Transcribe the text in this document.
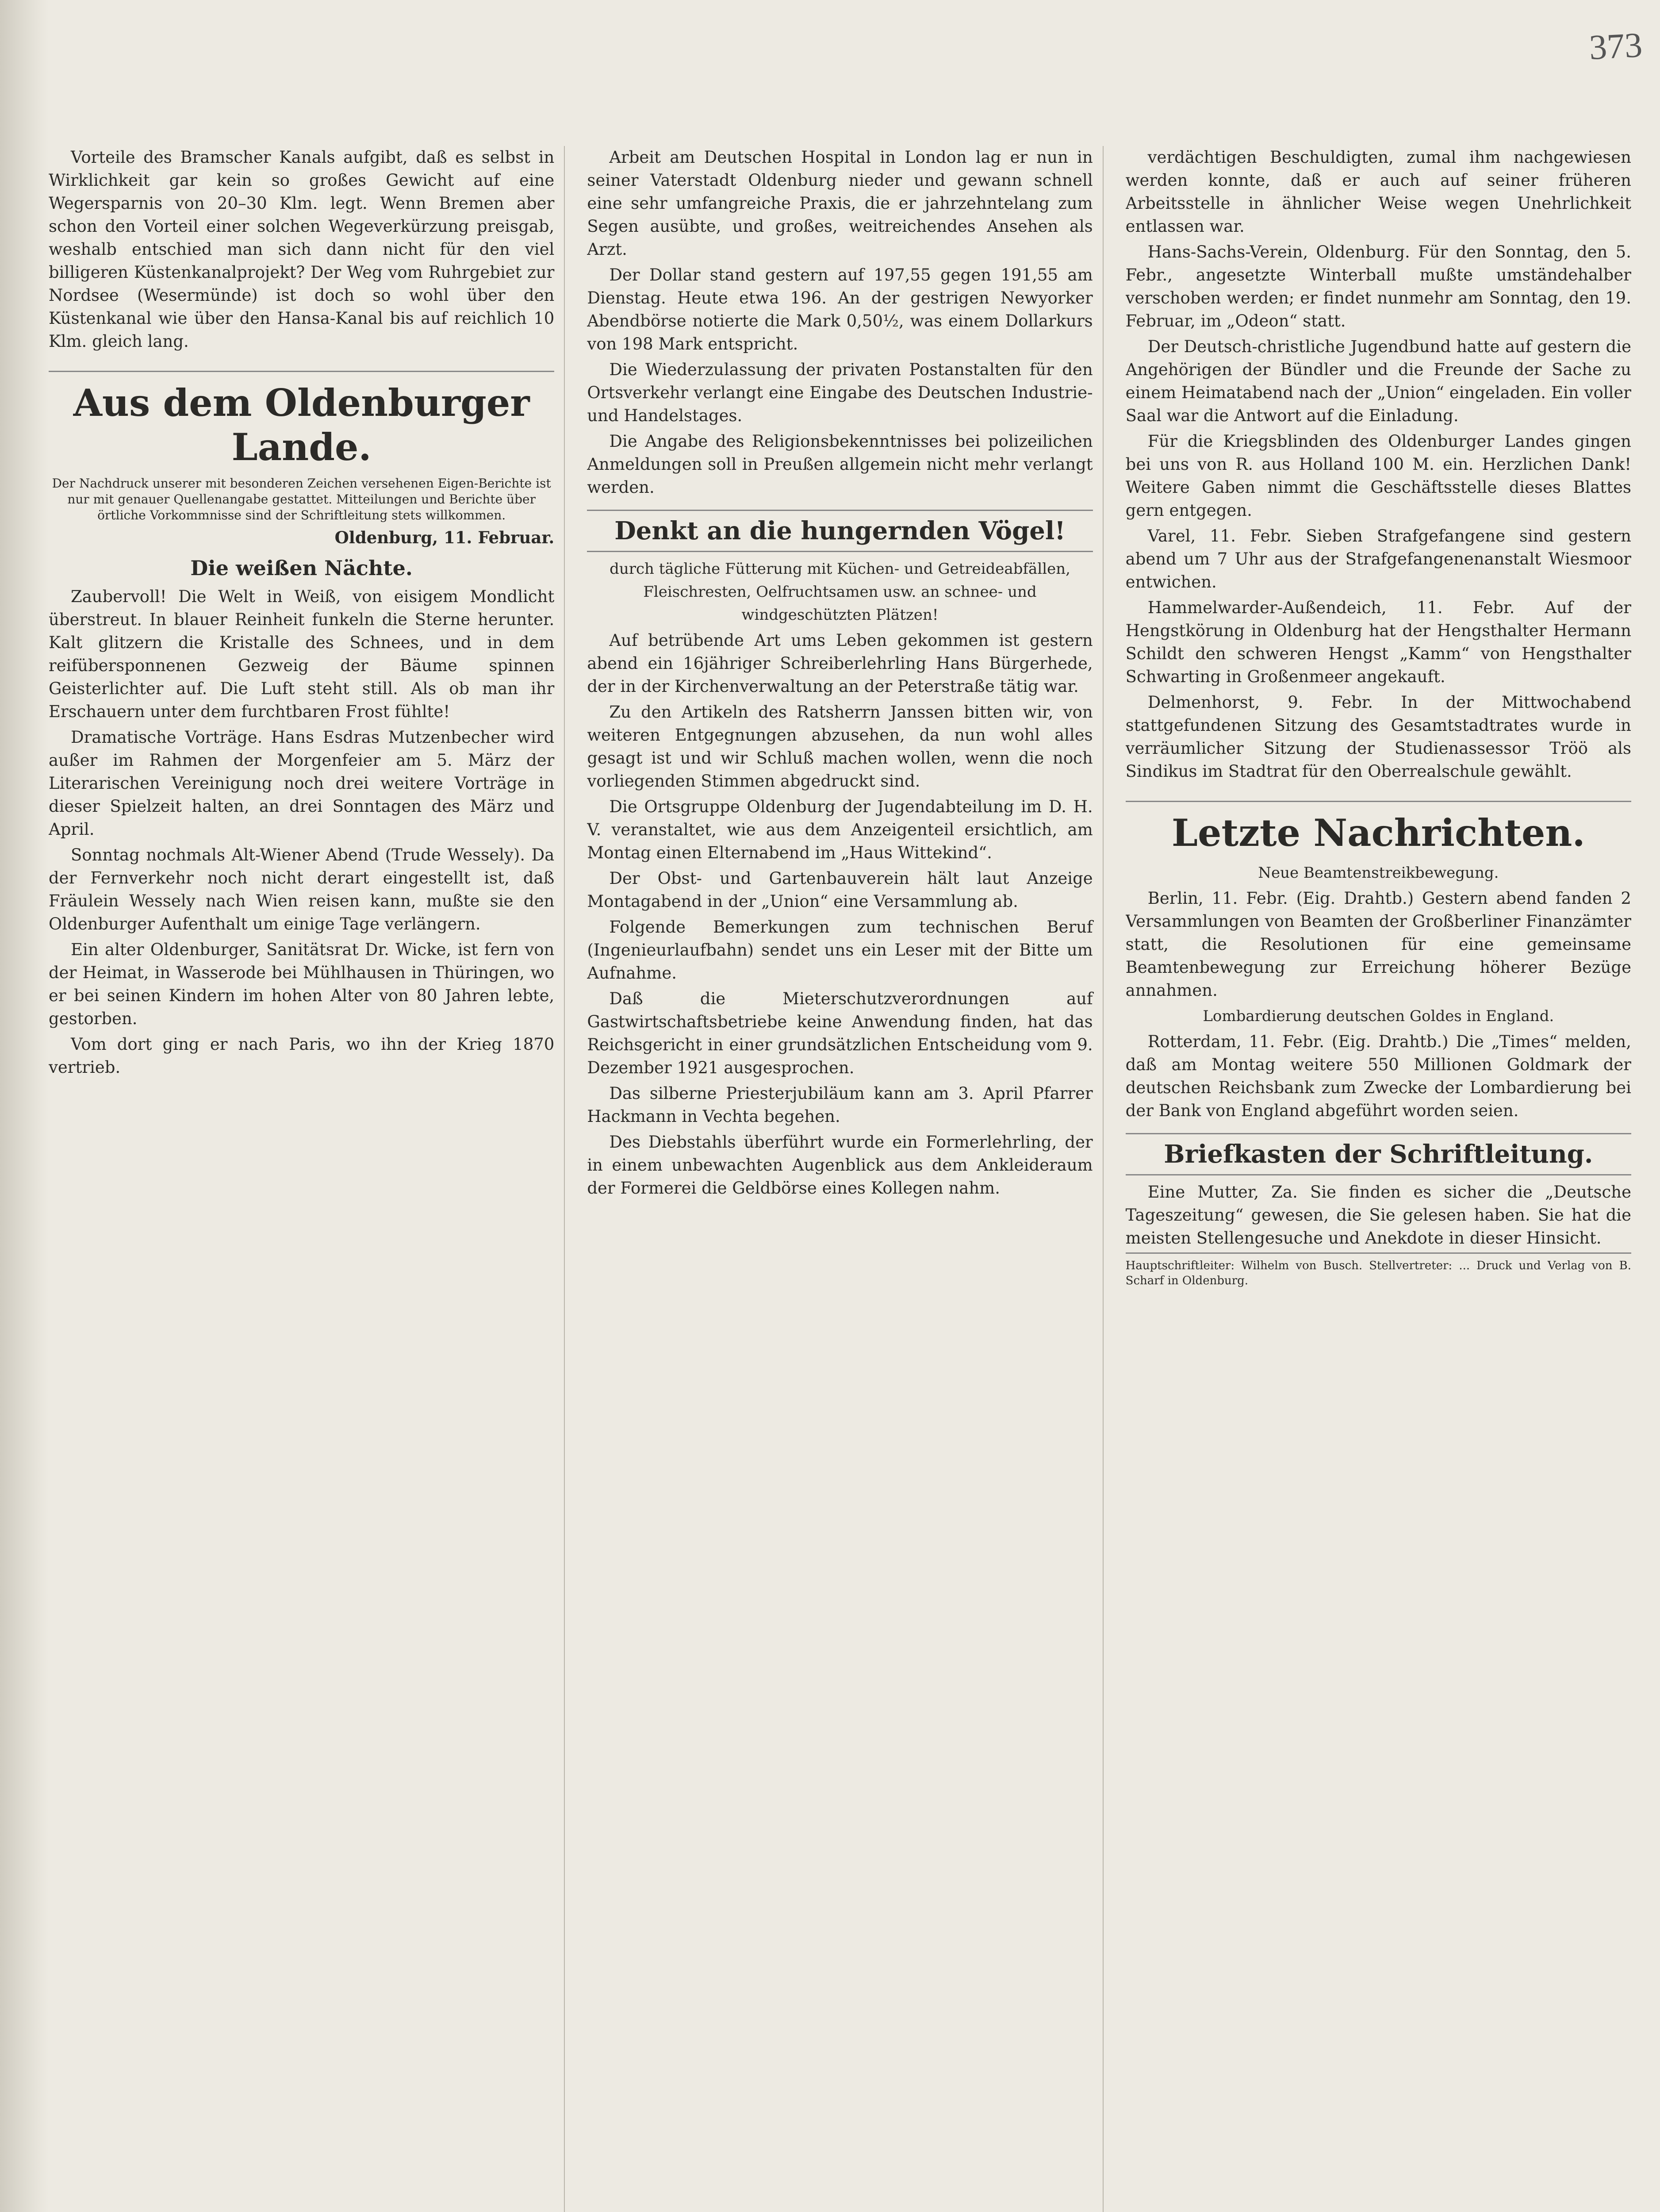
373

Vorteile des Bramscher Kanals aufgibt, daß es selbst in Wirklichkeit gar kein so großes Gewicht auf eine Wegersparnis von 20–30 Klm. legt. Wenn Bremen aber schon den Vorteil einer solchen Wegeverkürzung preisgab, weshalb entschied man sich dann nicht für den viel billigeren Küstenkanalprojekt? Der Weg vom Ruhrgebiet zur Nordsee (Wesermünde) ist doch so wohl über den Küstenkanal wie über den Hansa-Kanal bis auf reichlich 10 Klm. gleich lang.

Aus dem Oldenburger Lande.

Der Nachdruck unserer mit besonderen Zeichen versehenen Eigen-Berichte ist nur mit genauer Quellenangabe gestattet. Mitteilungen und Berichte über örtliche Vorkommnisse sind der Schriftleitung stets willkommen.

Oldenburg, 11. Februar.

Die weißen Nächte.

Zaubervoll! Die Welt in Weiß, von eisigem Mondlicht überstreut. In blauer Reinheit funkeln die Sterne herunter. Kalt glitzern die Kristalle des Schnees, und in dem reifübersponnenen Gezweig der Bäume spinnen Geisterlichter auf. Die Luft steht still. Als ob man ihr Erschauern unter dem furchtbaren Frost fühlte!

Dramatische Vorträge. Hans Esdras Mutzenbecher wird außer im Rahmen der Morgenfeier am 5. März der Literarischen Vereinigung noch drei weitere Vorträge in dieser Spielzeit halten, an drei Sonntagen des März und April.

Sonntag nochmals Alt-Wiener Abend (Trude Wessely). Da der Fernverkehr noch nicht derart eingestellt ist, daß Fräulein Wessely nach Wien reisen kann, mußte sie den Oldenburger Aufenthalt um einige Tage verlängern.

Ein alter Oldenburger, Sanitätsrat Dr. Wicke, ist fern von der Heimat, in Wasserode bei Mühlhausen in Thüringen, wo er bei seinen Kindern im hohen Alter von 80 Jahren lebte, gestorben.

Vom dort ging er nach Paris, wo ihn der Krieg 1870 vertrieb.

Arbeit am Deutschen Hospital in London lag er nun in seiner Vaterstadt Oldenburg nieder und gewann schnell eine sehr umfangreiche Praxis, die er jahrzehntelang zum Segen ausübte, und großes, weitreichendes Ansehen als Arzt.

Der Dollar stand gestern auf 197,55 gegen 191,55 am Dienstag. Heute etwa 196. An der gestrigen Newyorker Abendbörse notierte die Mark 0,50½, was einem Dollarkurs von 198 Mark entspricht.

Die Wiederzulassung der privaten Postanstalten für den Ortsverkehr verlangt eine Eingabe des Deutschen Industrie- und Handelstages.

Die Angabe des Religionsbekenntnisses bei polizeilichen Anmeldungen soll in Preußen allgemein nicht mehr verlangt werden.

Denkt an die hungernden Vögel!

durch tägliche Fütterung mit Küchen- und Getreideabfällen, Fleischresten, Oelfruchtsamen usw. an schnee- und windgeschützten Plätzen!

Auf betrübende Art ums Leben gekommen ist gestern abend ein 16jähriger Schreiberlehrling Hans Bürgerhede, der in der Kirchenverwaltung an der Peterstraße tätig war.

Zu den Artikeln des Ratsherrn Janssen bitten wir, von weiteren Entgegnungen abzusehen, da nun wohl alles gesagt ist und wir Schluß machen wollen, wenn die noch vorliegenden Stimmen abgedruckt sind.

Die Ortsgruppe Oldenburg der Jugendabteilung im D. H. V. veranstaltet, wie aus dem Anzeigenteil ersichtlich, am Montag einen Elternabend im „Haus Wittekind“.

Der Obst- und Gartenbauverein hält laut Anzeige Montagabend in der „Union“ eine Versammlung ab.

Folgende Bemerkungen zum technischen Beruf (Ingenieurlaufbahn) sendet uns ein Leser mit der Bitte um Aufnahme.

Daß die Mieterschutzverordnungen auf Gastwirtschaftsbetriebe keine Anwendung finden, hat das Reichsgericht in einer grundsätzlichen Entscheidung vom 9. Dezember 1921 ausgesprochen.

Das silberne Priesterjubiläum kann am 3. April Pfarrer Hackmann in Vechta begehen.

Des Diebstahls überführt wurde ein Formerlehrling, der in einem unbewachten Augenblick aus dem Ankleideraum der Formerei die Geldbörse eines Kollegen nahm.

verdächtigen Beschuldigten, zumal ihm nachgewiesen werden konnte, daß er auch auf seiner früheren Arbeitsstelle in ähnlicher Weise wegen Unehrlichkeit entlassen war.

Hans-Sachs-Verein, Oldenburg. Für den Sonntag, den 5. Febr., angesetzte Winterball mußte umständehalber verschoben werden; er findet nunmehr am Sonntag, den 19. Februar, im „Odeon“ statt.

Der Deutsch-christliche Jugendbund hatte auf gestern die Angehörigen der Bündler und die Freunde der Sache zu einem Heimatabend nach der „Union“ eingeladen. Ein voller Saal war die Antwort auf die Einladung.

Für die Kriegsblinden des Oldenburger Landes gingen bei uns von R. aus Holland 100 M. ein. Herzlichen Dank! Weitere Gaben nimmt die Geschäftsstelle dieses Blattes gern entgegen.

Varel, 11. Febr. Sieben Strafgefangene sind gestern abend um 7 Uhr aus der Strafgefangenenanstalt Wiesmoor entwichen.

Hammelwarder-Außendeich, 11. Febr. Auf der Hengstkörung in Oldenburg hat der Hengsthalter Hermann Schildt den schweren Hengst „Kamm“ von Hengsthalter Schwarting in Großenmeer angekauft.

Delmenhorst, 9. Febr. In der Mittwochabend stattgefundenen Sitzung des Gesamtstadtrates wurde in verräumlicher Sitzung der Studienassessor Tröö als Sindikus im Stadtrat für den Oberrealschule gewählt.

Letzte Nachrichten.

Neue Beamtenstreikbewegung.

Berlin, 11. Febr. (Eig. Drahtb.) Gestern abend fanden 2 Versammlungen von Beamten der Großberliner Finanzämter statt, die Resolutionen für eine gemeinsame Beamtenbewegung zur Erreichung höherer Bezüge annahmen.

Lombardierung deutschen Goldes in England.

Rotterdam, 11. Febr. (Eig. Drahtb.) Die „Times“ melden, daß am Montag weitere 550 Millionen Goldmark der deutschen Reichsbank zum Zwecke der Lombardierung bei der Bank von England abgeführt worden seien.

Briefkasten der Schriftleitung.

Eine Mutter, Za. Sie finden es sicher die „Deutsche Tageszeitung“ gewesen, die Sie gelesen haben. Sie hat die meisten Stellengesuche und Anekdote in dieser Hinsicht.

Hauptschriftleiter: Wilhelm von Busch. Stellvertreter: ... Druck und Verlag von B. Scharf in Oldenburg.
